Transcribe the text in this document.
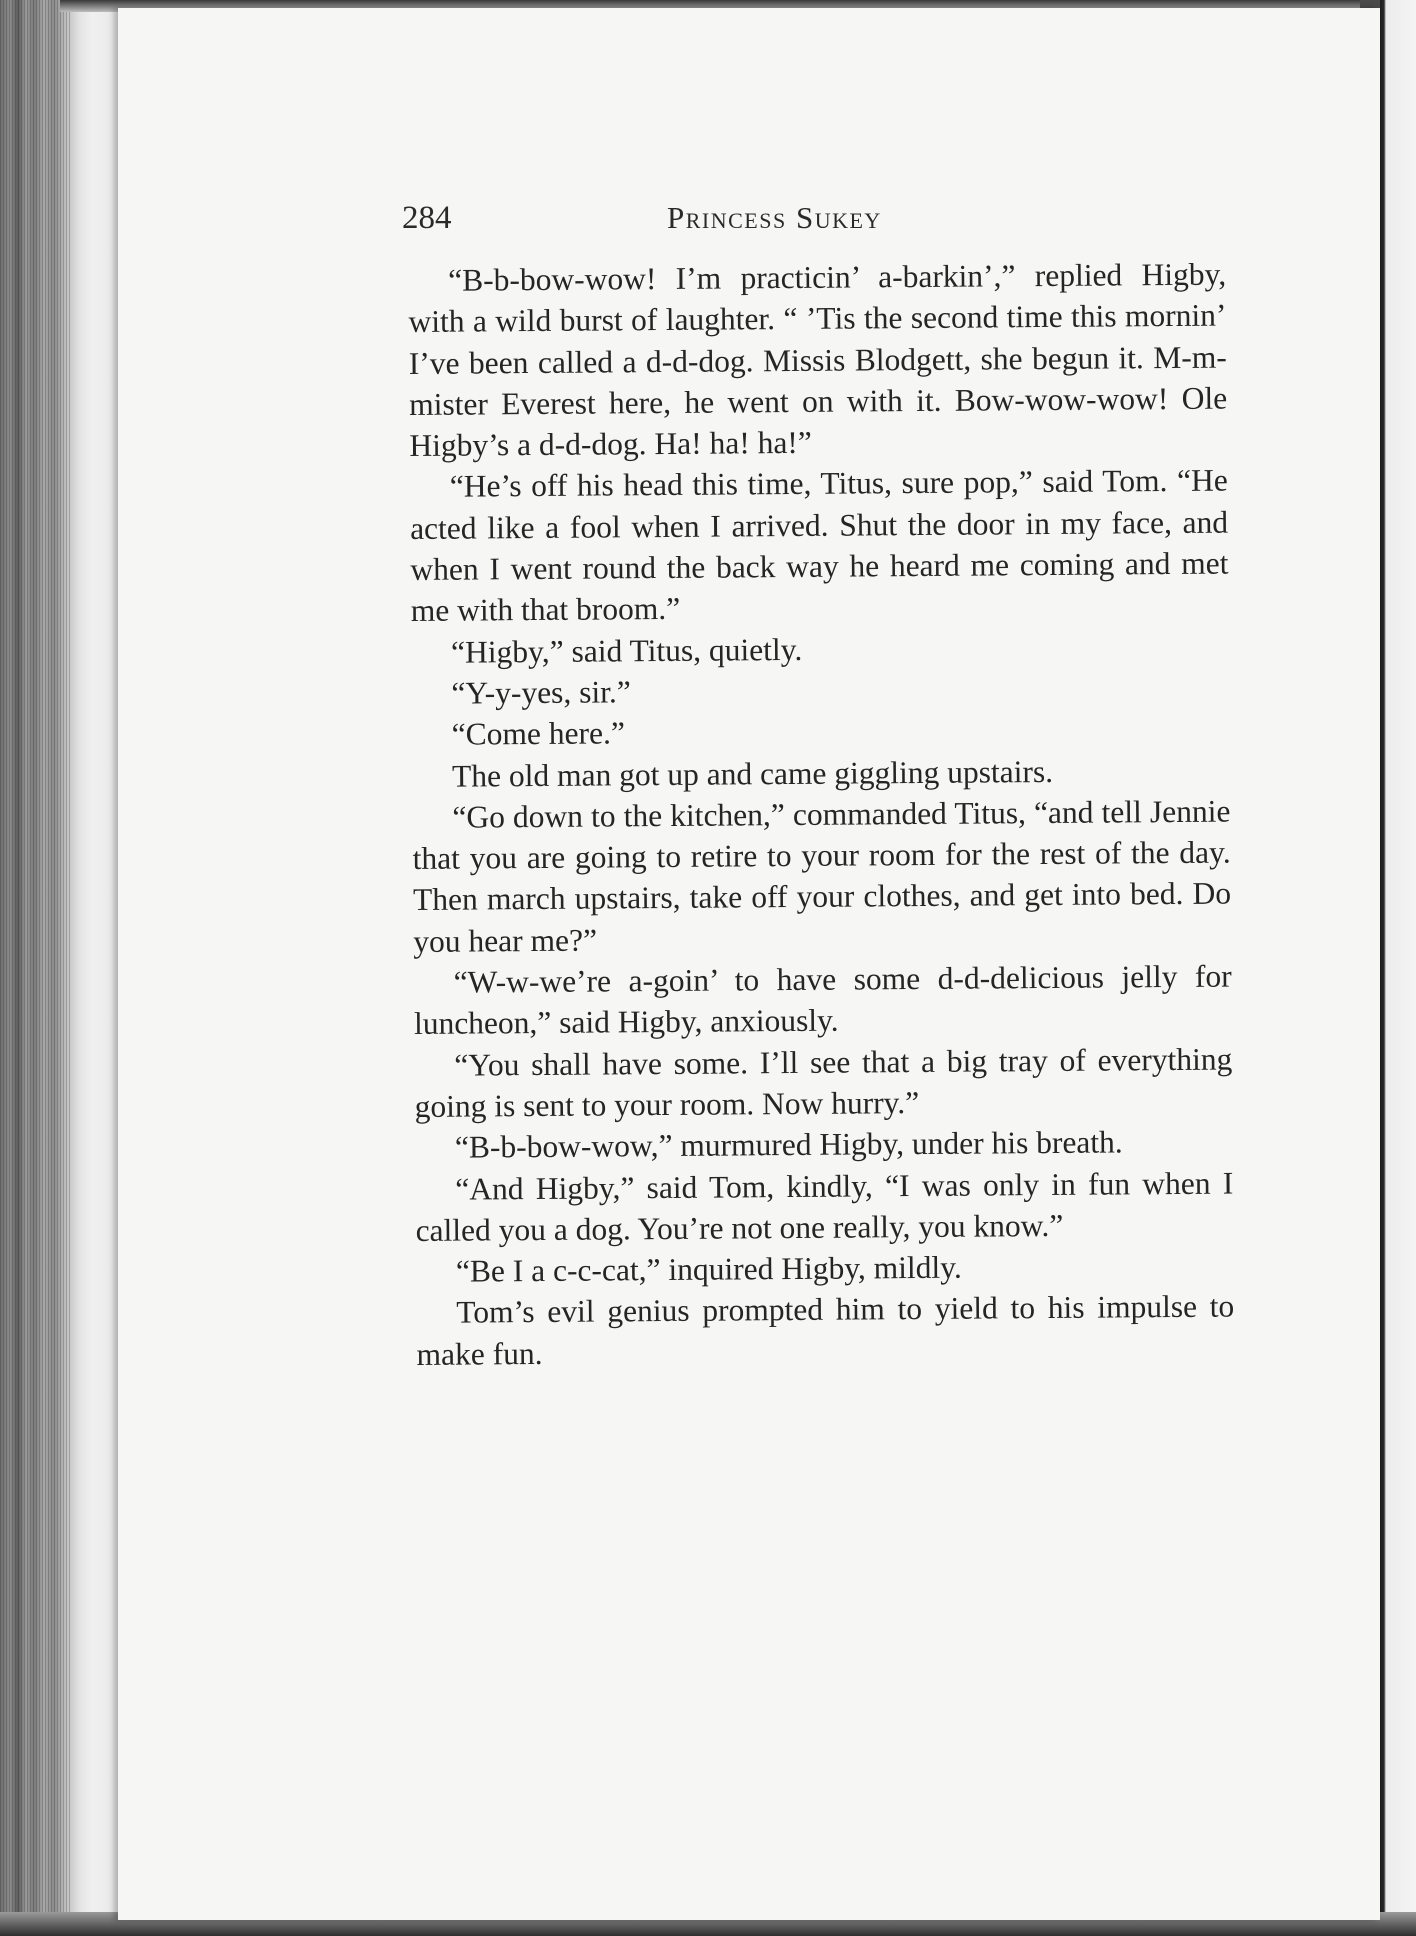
284	Princess Sukey

“B-b-bow-wow! I’m practicin’ a-barkin’,” replied Higby, with a wild burst of laughter. “ ’Tis the second time this mornin’ I’ve been called a d-d-dog. Missis Blodgett, she begun it. M-m-mister Everest here, he went on with it. Bow-wow-wow! Ole Higby’s a d-d-dog. Ha! ha! ha!”

“He’s off his head this time, Titus, sure pop,” said Tom. “He acted like a fool when I arrived. Shut the door in my face, and when I went round the back way he heard me coming and met me with that broom.”

“Higby,” said Titus, quietly.

“Y-y-yes, sir.”

“Come here.”

The old man got up and came giggling upstairs.

“Go down to the kitchen,” commanded Titus, “and tell Jennie that you are going to retire to your room for the rest of the day. Then march upstairs, take off your clothes, and get into bed. Do you hear me?”

“W-w-we’re a-goin’ to have some d-d-delicious jelly for luncheon,” said Higby, anxiously.

“You shall have some. I’ll see that a big tray of everything going is sent to your room. Now hurry.”

“B-b-bow-wow,” murmured Higby, under his breath.

“And Higby,” said Tom, kindly, “I was only in fun when I called you a dog. You’re not one really, you know.”

“Be I a c-c-cat,” inquired Higby, mildly.

Tom’s evil genius prompted him to yield to his impulse to make fun.
